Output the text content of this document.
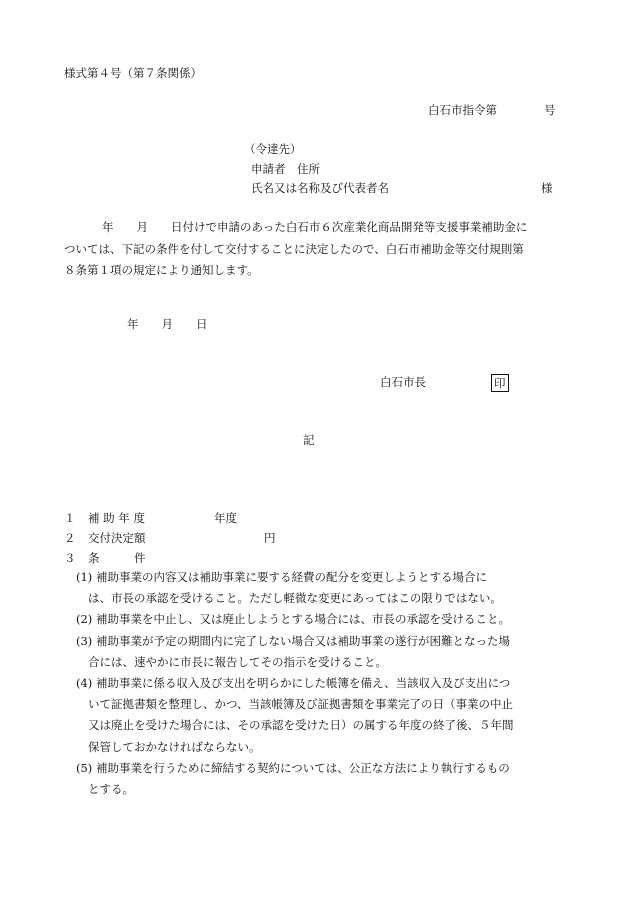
様式第４号（第７条関係）
白石市指令第	号
（令達先）
申請者　住所
氏名又は名称及び代表者名	様
年　　月　　日付けで申請のあった白石市６次産業化商品開発等支援事業補助金に
ついては、下記の条件を付して交付することに決定したので、白石市補助金等交付規則第
８条第１項の規定により通知します。
年　　月　　日
白石市長	印
記
１ 補 助 年 度	年度
２ 交付決定額	円
３ 条　　　件
(1) 補助事業の内容又は補助事業に要する経費の配分を変更しようとする場合に
は、市長の承認を受けること。ただし軽微な変更にあってはこの限りではない。
(2) 補助事業を中止し、又は廃止しようとする場合には、市長の承認を受けること。
(3) 補助事業が予定の期間内に完了しない場合又は補助事業の遂行が困難となった場
合には、速やかに市長に報告してその指示を受けること。
(4) 補助事業に係る収入及び支出を明らかにした帳簿を備え、当該収入及び支出につ
いて証拠書類を整理し、かつ、当該帳簿及び証拠書類を事業完了の日（事業の中止
又は廃止を受けた場合には、その承認を受けた日）の属する年度の終了後、５年間
保管しておかなければならない。
(5) 補助事業を行うために締結する契約については、公正な方法により執行するもの
とする。
